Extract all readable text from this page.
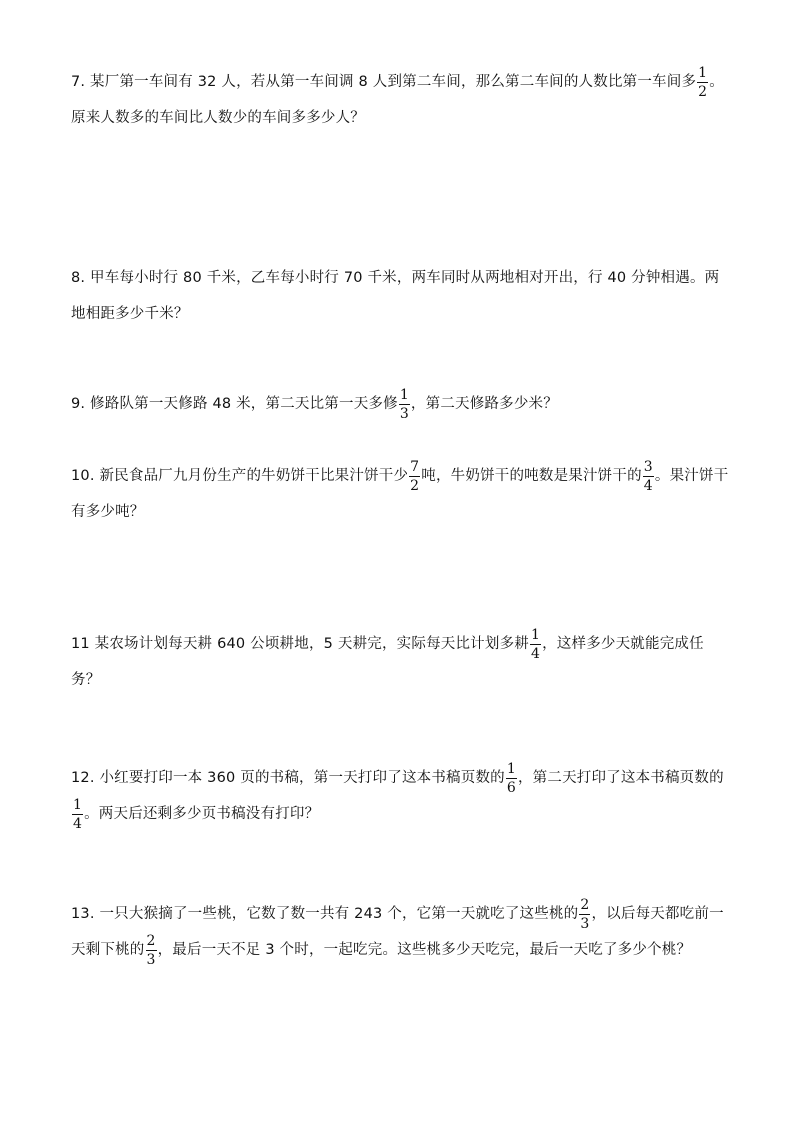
7. 某厂第一车间有 32 人，若从第一车间调 8 人到第二车间，那么第二车间的人数比第一车间多 $\frac{1}{2}$ 。原来人数多的车间比人数少的车间多多少人？
8. 甲车每小时行 80 千米，乙车每小时行 70 千米，两车同时从两地相对开出，行 40 分钟相遇。两地相距多少千米？
9. 修路队第一天修路 48 米，第二天比第一天多修 $\frac{1}{3}$ ，第二天修路多少米？
10. 新民食品厂九月份生产的牛奶饼干比果汁饼干少 $\frac{7}{2}$ 吨，牛奶饼干的吨数是果汁饼干的 $\frac{3}{4}$ 。果汁饼干有多少吨？
11 某农场计划每天耕 640 公顷耕地，5 天耕完，实际每天比计划多耕 $\frac{1}{4}$ ，这样多少天就能完成任务？
12. 小红要打印一本 360 页的书稿，第一天打印了这本书稿页数的 $\frac{1}{6}$ ，第二天打印了这本书稿页数的
$\frac{1}{4}$ 。两天后还剩多少页书稿没有打印？
13. 一只大猴摘了一些桃，它数了数一共有 243 个，它第一天就吃了这些桃的 $\frac{2}{3}$ ，以后每天都吃前一天剩下桃的 $\frac{2}{3}$ ，最后一天不足 3 个时，一起吃完。这些桃多少天吃完，最后一天吃了多少个桃？
